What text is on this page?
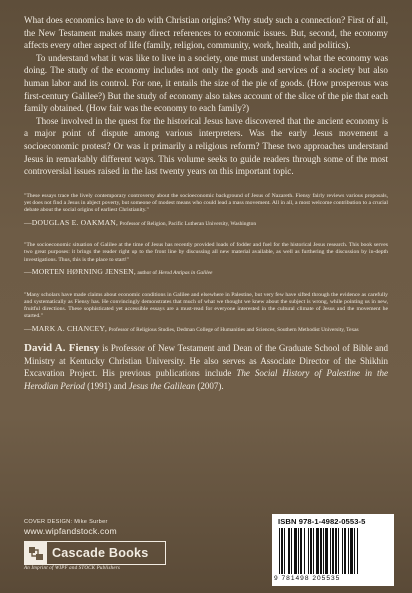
What does economics have to do with Christian origins? Why study such a connection? First of all, the New Testament makes many direct references to economic issues. But, second, the economy affects every other aspect of life (family, religion, community, work, health, and politics).

To understand what it was like to live in a society, one must understand what the economy was doing. The study of the economy includes not only the goods and services of a society but also human labor and its control. For one, it entails the size of the pie of goods. (How prosperous was first-century Galilee?) But the study of economy also takes account of the slice of the pie that each family obtained. (How fair was the economy to each family?)

Those involved in the quest for the historical Jesus have discovered that the ancient economy is a major point of dispute among various interpreters. Was the early Jesus movement a socioeconomic protest? Or was it primarily a religious reform? These two approaches understand Jesus in remarkably different ways. This volume seeks to guide readers through some of the most controversial issues raised in the last twenty years on this important topic.

"These essays trace the lively contemporary controversy about the socioeconomic background of Jesus of Nazareth. Fiensy fairly reviews various proposals, yet does not find a Jesus in abject poverty, but someone of modest means who could lead a mass movement. All in all, a most welcome contribution to a crucial debate about the social origins of earliest Christianity."

—DOUGLAS E. OAKMAN, Professor of Religion, Pacific Lutheran University, Washington

"The socioeconomic situation of Galilee at the time of Jesus has recently provided loads of fodder and fuel for the historical Jesus research. This book serves two great purposes: it brings the reader right up to the front line by discussing all new material available, as well as furthering the discussion by in-depth investigations. Thus, this is the place to start!"

—MORTEN HØRNING JENSEN, author of Herod Antipas in Galilee

"Many scholars have made claims about economic conditions in Galilee and elsewhere in Palestine, but very few have sifted through the evidence as carefully and systematically as Fiensy has. He convincingly demonstrates that much of what we thought we knew about the subject is wrong, while pointing us in new, fruitful directions. These sophisticated yet accessible essays are a must-read for everyone interested in the cultural climate of Jesus and the movement he started."

—MARK A. CHANCEY, Professor of Religious Studies, Dedman College of Humanities and Sciences, Southern Methodist University, Texas

David A. Fiensy is Professor of New Testament and Dean of the Graduate School of Bible and Ministry at Kentucky Christian University. He also serves as Associate Director of the Shikhin Excavation Project. His previous publications include The Social History of Palestine in the Herodian Period (1991) and Jesus the Galilean (2007).

COVER DESIGN: Mike Surber
www.wipfandstock.com
Cascade Books
An Imprint of WIPF and STOCK Publishers
ISBN 978-1-4982-0553-5
9 781498 205535
